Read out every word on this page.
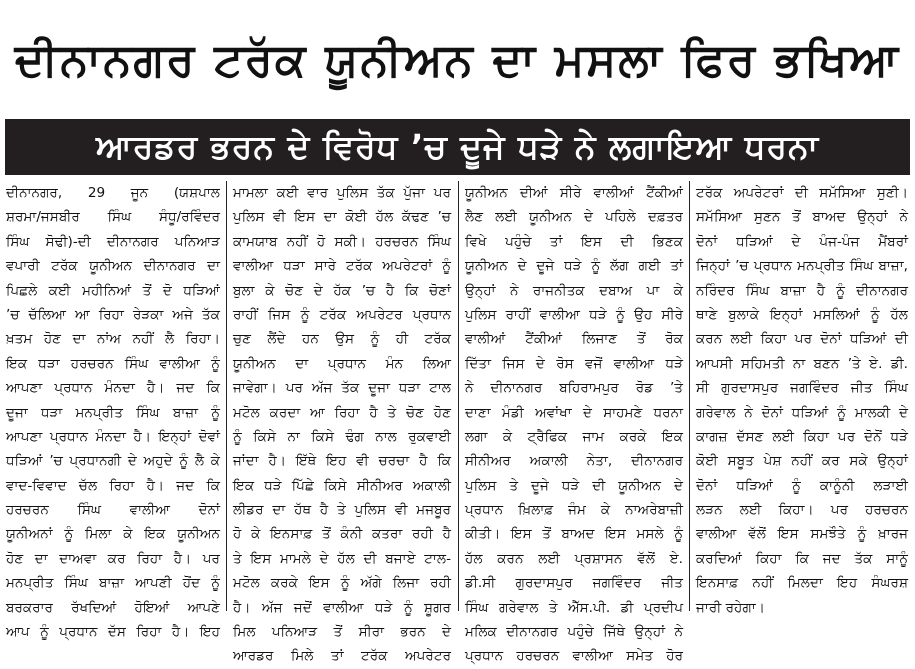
ਦੀਨਾਨਗਰ ਟਰੱਕ ਯੂਨੀਅਨ ਦਾ ਮਸਲਾ ਫਿਰ ਭਖਿਆ
ਆਰਡਰ ਭਰਨ ਦੇ ਵਿਰੋਧ ’ਚ ਦੂਜੇ ਧੜੇ ਨੇ ਲਗਾਇਆ ਧਰਨਾ
ਦੀਨਾਨਗਰ, 29 ਜੂਨ (ਯਸ਼ਪਾਲ
ਸ਼ਰਮਾ/ਜਸਬੀਰ ਸਿੰਘ ਸੰਧੂ/ਰਵਿੰਦਰ
ਸਿੰਘ ਸੋਢੀ)-ਦੀ ਦੀਨਾਨਗਰ ਪਨਿਆੜ
ਵਪਾਰੀ ਟਰੱਕ ਯੂਨੀਅਨ ਦੀਨਾਨਗਰ ਦਾ
ਪਿਛਲੇ ਕਈ ਮਹੀਨਿਆਂ ਤੋਂ ਦੋ ਧੜਿਆਂ
’ਚ ਚੱਲਿਆ ਆ ਰਿਹਾ ਰੇੜਕਾ ਅਜੇ ਤੱਕ
ਖ਼ਤਮ ਹੋਣ ਦਾ ਨਾਂਅ ਨਹੀਂ ਲੈ ਰਿਹਾ।
ਇਕ ਧੜਾ ਹਰਚਰਨ ਸਿੰਘ ਵਾਲੀਆ ਨੂੰ
ਆਪਣਾ ਪ੍ਰਧਾਨ ਮੰਨਦਾ ਹੈ। ਜਦ ਕਿ
ਦੂਜਾ ਧੜਾ ਮਨਪ੍ਰੀਤ ਸਿੰਘ ਬਾਜ਼ਾ ਨੂੰ
ਆਪਣਾ ਪ੍ਰਧਾਨ ਮੰਨਦਾ ਹੈ। ਇਨ੍ਹਾਂ ਦੋਵਾਂ
ਧੜਿਆਂ ’ਚ ਪ੍ਰਧਾਨਗੀ ਦੇ ਅਹੁਦੇ ਨੂੰ ਲੈ ਕੇ
ਵਾਦ-ਵਿਵਾਦ ਚੱਲ ਰਿਹਾ ਹੈ। ਜਦ ਕਿ
ਹਰਚਰਨ ਸਿੰਘ ਵਾਲੀਆ ਦੋਨਾਂ
ਯੂਨੀਅਨਾਂ ਨੂੰ ਮਿਲਾ ਕੇ ਇਕ ਯੂਨੀਅਨ
ਹੋਣ ਦਾ ਦਾਅਵਾ ਕਰ ਰਿਹਾ ਹੈ। ਪਰ
ਮਨਪ੍ਰੀਤ ਸਿੰਘ ਬਾਜ਼ਾ ਆਪਣੀ ਹੋਂਦ ਨੂੰ
ਬਰਕਰਾਰ ਰੱਖਦਿਆਂ ਹੋਇਆਂ ਆਪਣੇ
ਆਪ ਨੂੰ ਪ੍ਰਧਾਨ ਦੱਸ ਰਿਹਾ ਹੈ। ਇਹ
ਮਾਮਲਾ ਕਈ ਵਾਰ ਪੁਲਿਸ ਤੱਕ ਪੁੱਜਾ ਪਰ
ਪੁਲਿਸ ਵੀ ਇਸ ਦਾ ਕੋਈ ਹੱਲ ਕੱਢਣ ’ਚ
ਕਾਮਯਾਬ ਨਹੀਂ ਹੋ ਸਕੀ। ਹਰਚਰਨ ਸਿੰਘ
ਵਾਲੀਆ ਧੜਾ ਸਾਰੇ ਟਰੱਕ ਅਪਰੇਟਰਾਂ ਨੂੰ
ਬੁਲਾ ਕੇ ਚੋਣ ਦੇ ਹੱਕ ’ਚ ਹੈ ਕਿ ਚੋਣਾਂ
ਰਾਹੀਂ ਜਿਸ ਨੂੰ ਟਰੱਕ ਅਪਰੇਟਰ ਪ੍ਰਧਾਨ
ਚੁਣ ਲੈਂਦੇ ਹਨ ਉਸ ਨੂੰ ਹੀ ਟਰੱਕ
ਯੂਨੀਅਨ ਦਾ ਪ੍ਰਧਾਨ ਮੰਨ ਲਿਆ
ਜਾਵੇਗਾ। ਪਰ ਅੱਜ ਤੱਕ ਦੂਜਾ ਧੜਾ ਟਾਲ
ਮਟੋਲ ਕਰਦਾ ਆ ਰਿਹਾ ਹੈ ਤੇ ਚੋਣ ਹੋਣ
ਨੂੰ ਕਿਸੇ ਨਾ ਕਿਸੇ ਢੰਗ ਨਾਲ ਰੁਕਵਾਈ
ਜਾਂਦਾ ਹੈ। ਇੱਥੇ ਇਹ ਵੀ ਚਰਚਾ ਹੈ ਕਿ
ਇਕ ਧੜੇ ਪਿੱਛੇ ਕਿਸੇ ਸੀਨੀਅਰ ਅਕਾਲੀ
ਲੀਡਰ ਦਾ ਹੱਥ ਹੈ ਤੇ ਪੁਲਿਸ ਵੀ ਮਜਬੂਰ
ਹੋ ਕੇ ਇਨਸਾਫ਼ ਤੋਂ ਕੰਨੀ ਕਤਰਾ ਰਹੀ ਹੈ
ਤੇ ਇਸ ਮਾਮਲੇ ਦੇ ਹੱਲ ਦੀ ਬਜਾਏ ਟਾਲ-
ਮਟੋਲ ਕਰਕੇ ਇਸ ਨੂੰ ਅੱਗੇ ਲਿਜਾ ਰਹੀ
ਹੈ। ਅੱਜ ਜਦੋਂ ਵਾਲੀਆ ਧੜੇ ਨੂੰ ਸ਼ੂਗਰ
ਮਿਲ ਪਨਿਆੜ ਤੋਂ ਸੀਰਾ ਭਰਨ ਦੇ
ਆਰਡਰ ਮਿਲੇ ਤਾਂ ਟਰੱਕ ਅਪਰੇਟਰ
ਯੂਨੀਅਨ ਦੀਆਂ ਸੀਰੇ ਵਾਲੀਆਂ ਟੈਂਕੀਆਂ
ਲੈਣ ਲਈ ਯੂਨੀਅਨ ਦੇ ਪਹਿਲੇ ਦਫ਼ਤਰ
ਵਿਖੇ ਪਹੁੰਚੇ ਤਾਂ ਇਸ ਦੀ ਭਿਣਕ
ਯੂਨੀਅਨ ਦੇ ਦੂਜੇ ਧੜੇ ਨੂੰ ਲੱਗ ਗਈ ਤਾਂ
ਉਨ੍ਹਾਂ ਨੇ ਰਾਜਨੀਤਕ ਦਬਾਅ ਪਾ ਕੇ
ਪੁਲਿਸ ਰਾਹੀਂ ਵਾਲੀਆ ਧੜੇ ਨੂੰ ਉਹ ਸੀਰੇ
ਵਾਲੀਆਂ ਟੈਂਕੀਆਂ ਲਿਜਾਣ ਤੋਂ ਰੋਕ
ਦਿੱਤਾ ਜਿਸ ਦੇ ਰੋਸ ਵਜੋਂ ਵਾਲੀਆ ਧੜੇ
ਨੇ ਦੀਨਾਨਗਰ ਬਹਿਰਾਮਪੁਰ ਰੋਡ ’ਤੇ
ਦਾਣਾ ਮੰਡੀ ਅਵਾਂਖਾ ਦੇ ਸਾਹਮਣੇ ਧਰਨਾ
ਲਗਾ ਕੇ ਟ੍ਰੈਫਿਕ ਜਾਮ ਕਰਕੇ ਇਕ
ਸੀਨੀਅਰ ਅਕਾਲੀ ਨੇਤਾ, ਦੀਨਾਨਗਰ
ਪੁਲਿਸ ਤੇ ਦੂਜੇ ਧੜੇ ਦੀ ਯੂਨੀਅਨ ਦੇ
ਪ੍ਰਧਾਨ ਖ਼ਿਲਾਫ਼ ਜੰਮ ਕੇ ਨਾਅਰੇਬਾਜ਼ੀ
ਕੀਤੀ। ਇਸ ਤੋਂ ਬਾਅਦ ਇਸ ਮਸਲੇ ਨੂੰ
ਹੱਲ ਕਰਨ ਲਈ ਪ੍ਰਸ਼ਾਸਨ ਵੱਲੋਂ ਏ.
ਡੀ.ਸੀ ਗੁਰਦਾਸਪੁਰ ਜਗਵਿੰਦਰ ਜੀਤ
ਸਿੰਘ ਗਰੇਵਾਲ ਤੇ ਐੱਸ.ਪੀ. ਡੀ ਪ੍ਰਦੀਪ
ਮਲਿਕ ਦੀਨਾਨਗਰ ਪਹੁੰਚੇ ਜਿੱਥੇ ਉਨ੍ਹਾਂ ਨੇ
ਪ੍ਰਧਾਨ ਹਰਚਰਨ ਵਾਲੀਆ ਸਮੇਤ ਹੋਰ
ਟਰੱਕ ਅਪਰੇਟਰਾਂ ਦੀ ਸਮੱਸਿਆ ਸੁਣੀ।
ਸਮੱਸਿਆ ਸੁਣਨ ਤੋਂ ਬਾਅਦ ਉਨ੍ਹਾਂ ਨੇ
ਦੋਨਾਂ ਧੜਿਆਂ ਦੇ ਪੰਜ-ਪੰਜ ਮੈਂਬਰਾਂ
ਜਿਨ੍ਹਾਂ ’ਚ ਪ੍ਰਧਾਨ ਮਨਪ੍ਰੀਤ ਸਿੰਘ ਬਾਜ਼ਾ,
ਨਰਿੰਦਰ ਸਿੰਘ ਬਾਜ਼ਾ ਹੈ ਨੂੰ ਦੀਨਾਨਗਰ
ਥਾਣੇ ਬੁਲਾਕੇ ਇਨ੍ਹਾਂ ਮਸਲਿਆਂ ਨੂੰ ਹੱਲ
ਕਰਨ ਲਈ ਕਿਹਾ ਪਰ ਦੋਨਾਂ ਧੜਿਆਂ ਦੀ
ਆਪਸੀ ਸਹਿਮਤੀ ਨਾ ਬਣਨ ’ਤੇ ਏ. ਡੀ.
ਸੀ ਗੁਰਦਾਸਪੁਰ ਜਗਵਿੰਦਰ ਜੀਤ ਸਿੰਘ
ਗਰੇਵਾਲ ਨੇ ਦੋਨਾਂ ਧੜਿਆਂ ਨੂੰ ਮਾਲਕੀ ਦੇ
ਕਾਗਜ਼ ਦੱਸਣ ਲਈ ਕਿਹਾ ਪਰ ਦੋਨੋਂ ਧੜੇ
ਕੋਈ ਸਬੂਤ ਪੇਸ਼ ਨਹੀਂ ਕਰ ਸਕੇ ਉਨ੍ਹਾਂ
ਦੋਨਾਂ ਧੜਿਆਂ ਨੂੰ ਕਾਨੂੰਨੀ ਲੜਾਈ
ਲੜਨ ਲਈ ਕਿਹਾ। ਪਰ ਹਰਚਰਨ
ਵਾਲੀਆ ਵੱਲੋਂ ਇਸ ਸਮਝੌਤੇ ਨੂੰ ਖ਼ਾਰਜ
ਕਰਦਿਆਂ ਕਿਹਾ ਕਿ ਜਦ ਤੱਕ ਸਾਨੂੰ
ਇਨਸਾਫ਼ ਨਹੀਂ ਮਿਲਦਾ ਇਹ ਸੰਘਰਸ਼
ਜਾਰੀ ਰਹੇਗਾ।
